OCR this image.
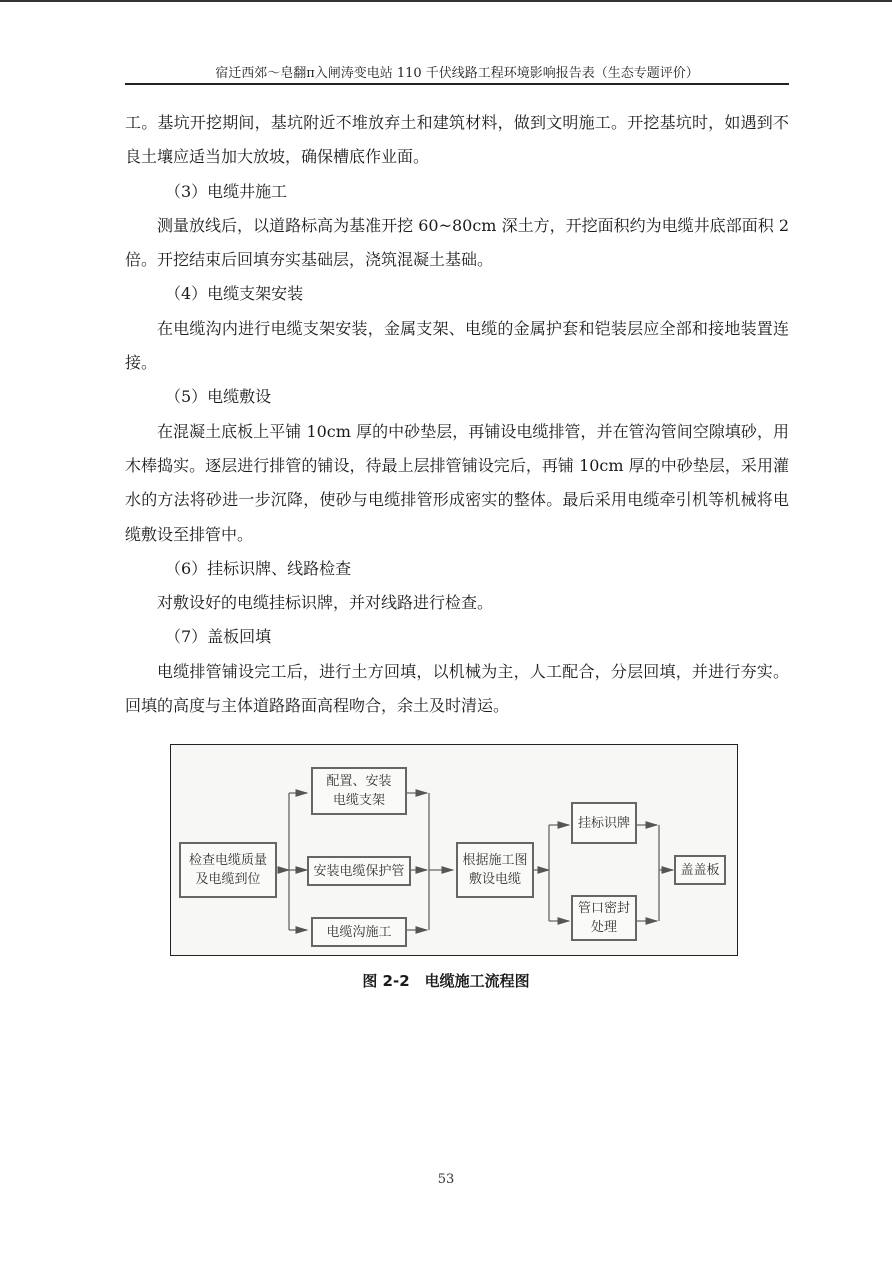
宿迁西郊～皂翻π入闸涛变电站 110 千伏线路工程环境影响报告表（生态专题评价）

工。基坑开挖期间，基坑附近不堆放弃土和建筑材料，做到文明施工。开挖基坑时，如遇到不良土壤应适当加大放坡，确保槽底作业面。

（3）电缆井施工

测量放线后，以道路标高为基准开挖 60~80cm 深土方，开挖面积约为电缆井底部面积 2 倍。开挖结束后回填夯实基础层，浇筑混凝土基础。

（4）电缆支架安装

在电缆沟内进行电缆支架安装，金属支架、电缆的金属护套和铠装层应全部和接地装置连接。

（5）电缆敷设

在混凝土底板上平铺 10cm 厚的中砂垫层，再铺设电缆排管，并在管沟管间空隙填砂，用木棒捣实。逐层进行排管的铺设，待最上层排管铺设完后，再铺 10cm 厚的中砂垫层，采用灌水的方法将砂进一步沉降，使砂与电缆排管形成密实的整体。最后采用电缆牵引机等机械将电缆敷设至排管中。

（6）挂标识牌、线路检查

对敷设好的电缆挂标识牌，并对线路进行检查。

（7）盖板回填

电缆排管铺设完工后，进行土方回填，以机械为主，人工配合，分层回填，并进行夯实。回填的高度与主体道路路面高程吻合，余土及时清运。

检查电缆质量
及电缆到位
配置、安装
电缆支架
安装电缆保护管
电缆沟施工
根据施工图
敷设电缆
挂标识牌
管口密封
处理
盖盖板
图 2-2　电缆施工流程图
53
